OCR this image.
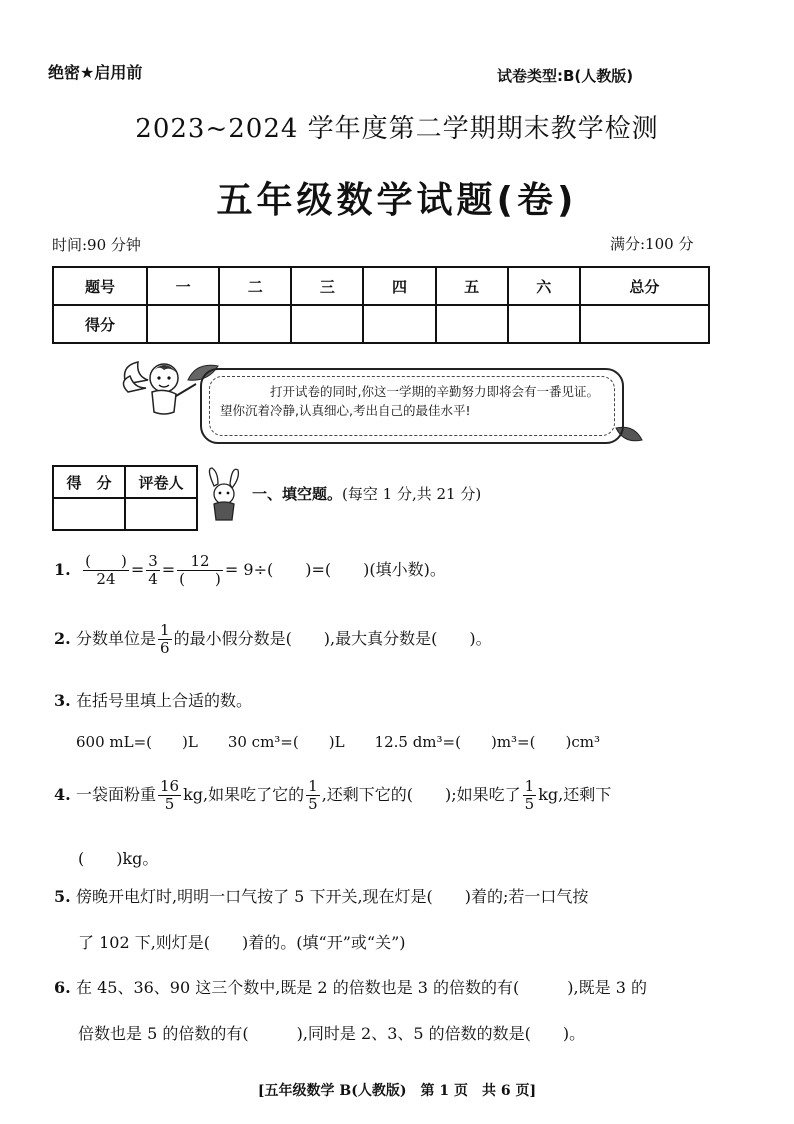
绝密★启用前	试卷类型:B(人教版)
2023~2024 学年度第二学期期末教学检测
五年级数学试题(卷)
时间:90 分钟	满分:100 分
题号	一	二	三	四	五	六	总分
得分							
打开试卷的同时,你这一学期的辛勤努力即将会有一番见证。望你沉着冷静,认真细心,考出自己的最佳水平!
得　分	评卷人

一、填空题。(每空 1 分,共 21 分)
1. $\frac{( )}{24} = \frac{3}{4} = \frac{12}{( )} = 9\div$(　　)=(　　)(填小数)。
2. 分数单位是 $\frac{1}{6}$ 的最小假分数是(　　),最大真分数是(　　)。
3. 在括号里填上合适的数。
600 mL=(　　)L　　30 cm³=(　　)L　　12.5 dm³=(　　)m³=(　　)cm³
4. 一袋面粉重 $\frac{16}{5}$ kg,如果吃了它的 $\frac{1}{5}$ ,还剩下它的(　　);如果吃了 $\frac{1}{5}$ kg,还剩下
(　　)kg。
5. 傍晚开电灯时,明明一口气按了 5 下开关,现在灯是(　　)着的;若一口气按
了 102 下,则灯是(　　)着的。(填“开”或“关”)
6. 在 45、36、90 这三个数中,既是 2 的倍数也是 3 的倍数的有(　　　),既是 3 的
倍数也是 5 的倍数的有(　　　),同时是 2、3、5 的倍数的数是(　　)。
[五年级数学 B(人教版)　第 1 页　共 6 页]
